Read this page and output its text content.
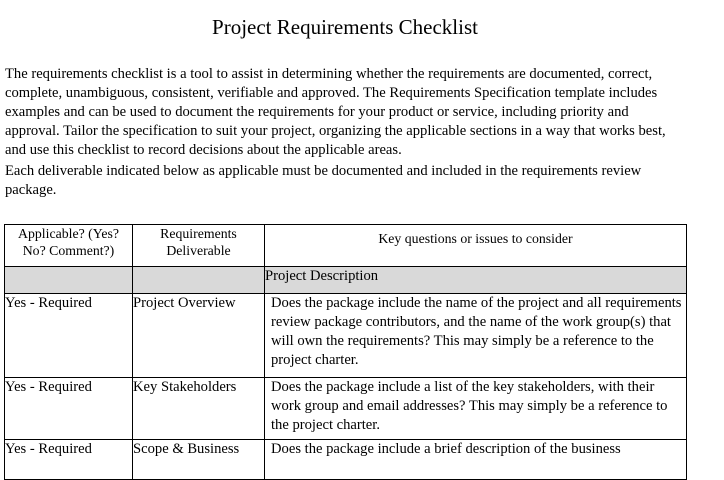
Project Requirements Checklist

The requirements checklist is a tool to assist in determining whether the requirements are documented, correct, complete, unambiguous, consistent, verifiable and approved. The Requirements Specification template includes examples and can be used to document the requirements for your product or service, including priority and approval. Tailor the specification to suit your project, organizing the applicable sections in a way that works best, and use this checklist to record decisions about the applicable areas.

Each deliverable indicated below as applicable must be documented and included in the requirements review package.

Applicable? (Yes? No? Comment?)	Requirements Deliverable	Key questions or issues to consider
		Project Description
Yes - Required	Project Overview	Does the package include the name of the project and all requirements review package contributors, and the name of the work group(s) that will own the requirements? This may simply be a reference to the project charter.
Yes - Required	Key Stakeholders	Does the package include a list of the key stakeholders, with their work group and email addresses? This may simply be a reference to the project charter.
Yes - Required	Scope & Business	Does the package include a brief description of the business
